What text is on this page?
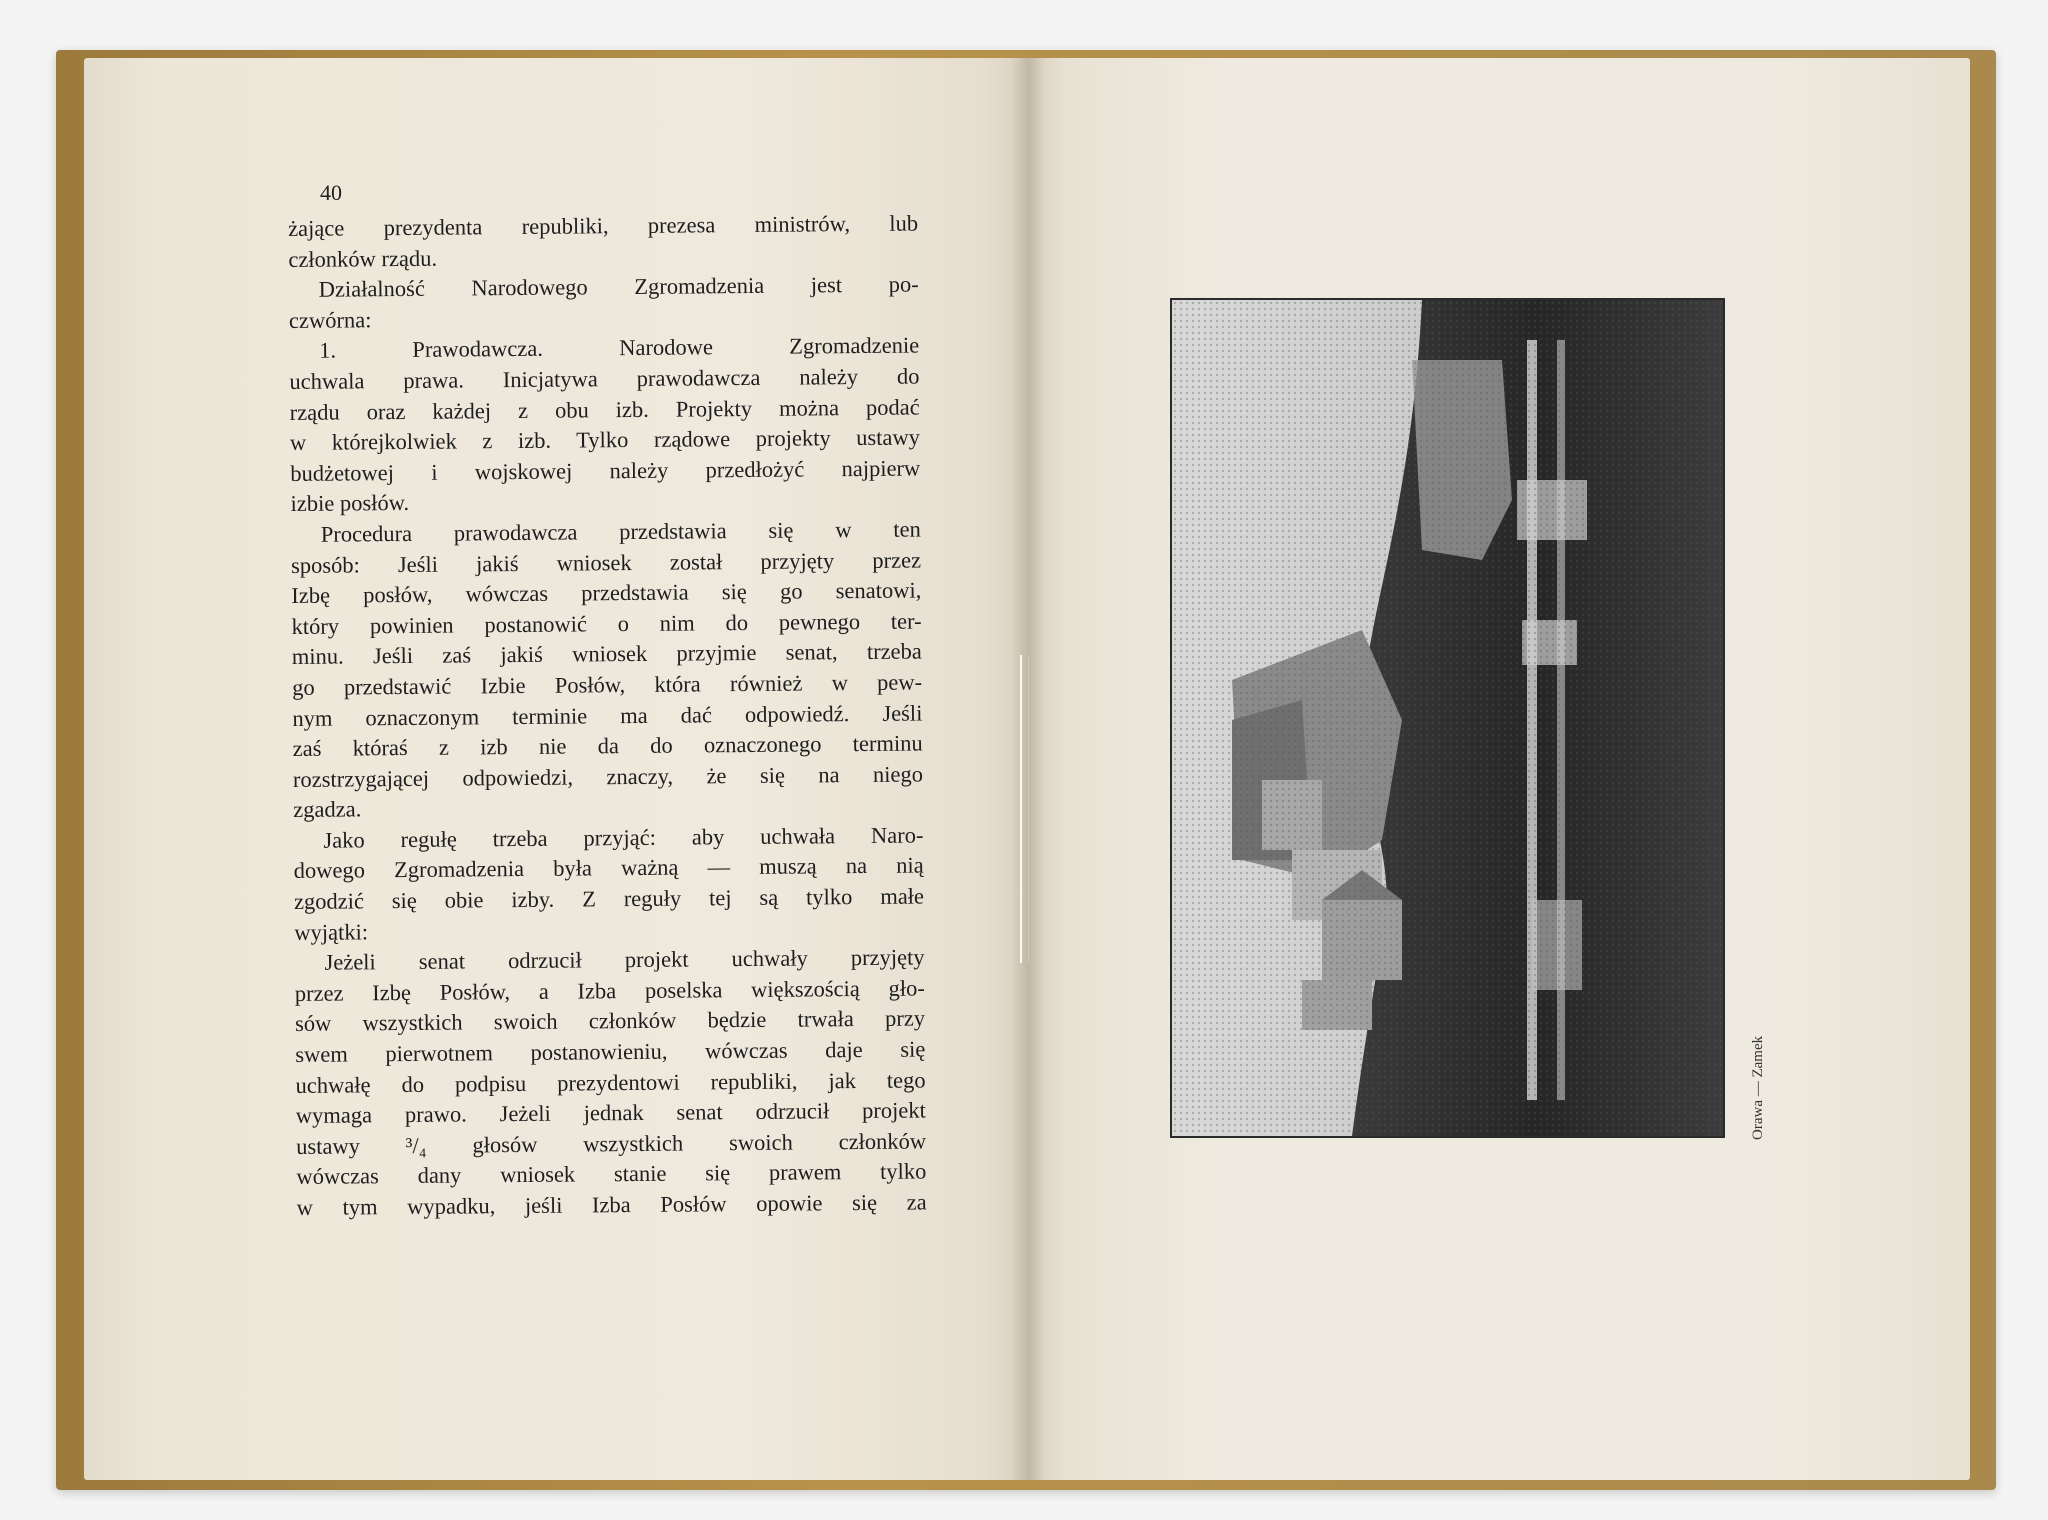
40
żające prezydenta republiki, prezesa ministrów, lub
członków rządu.
Działalność Narodowego Zgromadzenia jest po-
czwórna:
1. Prawodawcza. Narodowe Zgromadzenie
uchwala prawa. Inicjatywa prawodawcza należy do
rządu oraz każdej z obu izb. Projekty można podać
w którejkolwiek z izb. Tylko rządowe projekty ustawy
budżetowej i wojskowej należy przedłożyć najpierw
izbie posłów.
Procedura prawodawcza przedstawia się w ten
sposób: Jeśli jakiś wniosek został przyjęty przez
Izbę posłów, wówczas przedstawia się go senatowi,
który powinien postanowić o nim do pewnego ter-
minu. Jeśli zaś jakiś wniosek przyjmie senat, trzeba
go przedstawić Izbie Posłów, która również w pew-
nym oznaczonym terminie ma dać odpowiedź. Jeśli
zaś któraś z izb nie da do oznaczonego terminu
rozstrzygającej odpowiedzi, znaczy, że się na niego
zgadza.
Jako regułę trzeba przyjąć: aby uchwała Naro-
dowego Zgromadzenia była ważną — muszą na nią
zgodzić się obie izby. Z reguły tej są tylko małe
wyjątki:
Jeżeli senat odrzucił projekt uchwały przyjęty
przez Izbę Posłów, a Izba poselska większością gło-
sów wszystkich swoich członków będzie trwała przy
swem pierwotnem postanowieniu, wówczas daje się
uchwałę do podpisu prezydentowi republiki, jak tego
wymaga prawo. Jeżeli jednak senat odrzucił projekt
ustawy ³/₄ głosów wszystkich swoich członków
wówczas dany wniosek stanie się prawem tylko
w tym wypadku, jeśli Izba Posłów opowie się za
Orawa — Zamek
